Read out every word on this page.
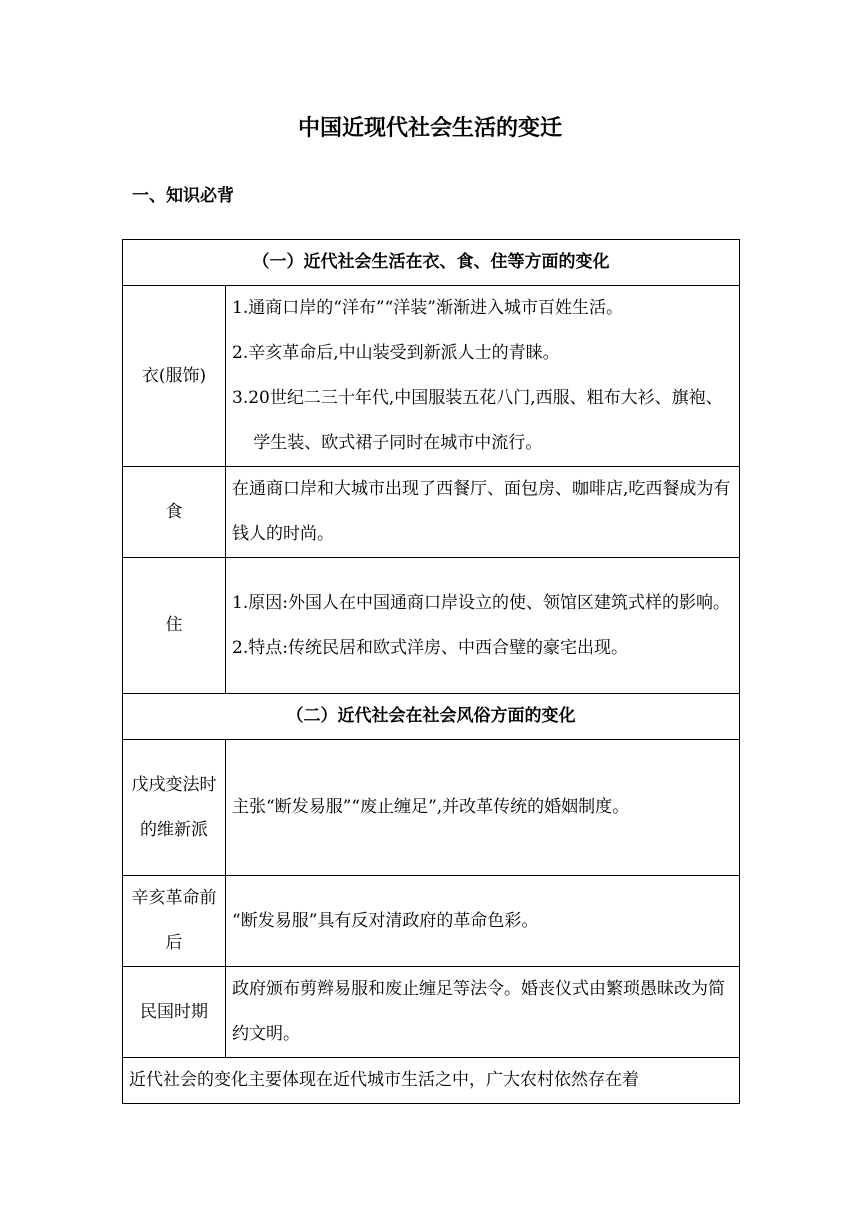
中国近现代社会生活的变迁
一、知识必背
（一）近代社会生活在衣、食、住等方面的变化	
衣(服饰)	1.通商口岸的“洋布”“洋装”渐渐进入城市百姓生活。
2.辛亥革命后,中山装受到新派人士的青睐。
3.20世纪二三十年代,中国服装五花八门,西服、粗布大衫、旗袍、学生装、欧式裙子同时在城市中流行。

食	在通商口岸和大城市出现了西餐厅、面包房、咖啡店,吃西餐成为有钱人的时尚。

住	1.原因:外国人在中国通商口岸设立的使、领馆区建筑式样的影响。
2.特点:传统民居和欧式洋房、中西合璧的豪宅出现。

（二）近代社会在社会风俗方面的变化	
戊戌变法时的维新派	主张“断发易服”“废止缠足”,并改革传统的婚姻制度。

辛亥革命前后	“断发易服”具有反对清政府的革命色彩。

民国时期	政府颁布剪辫易服和废止缠足等法令。婚丧仪式由繁琐愚昧改为简约文明。

近代社会的变化主要体现在近代城市生活之中，广大农村依然存在着	
